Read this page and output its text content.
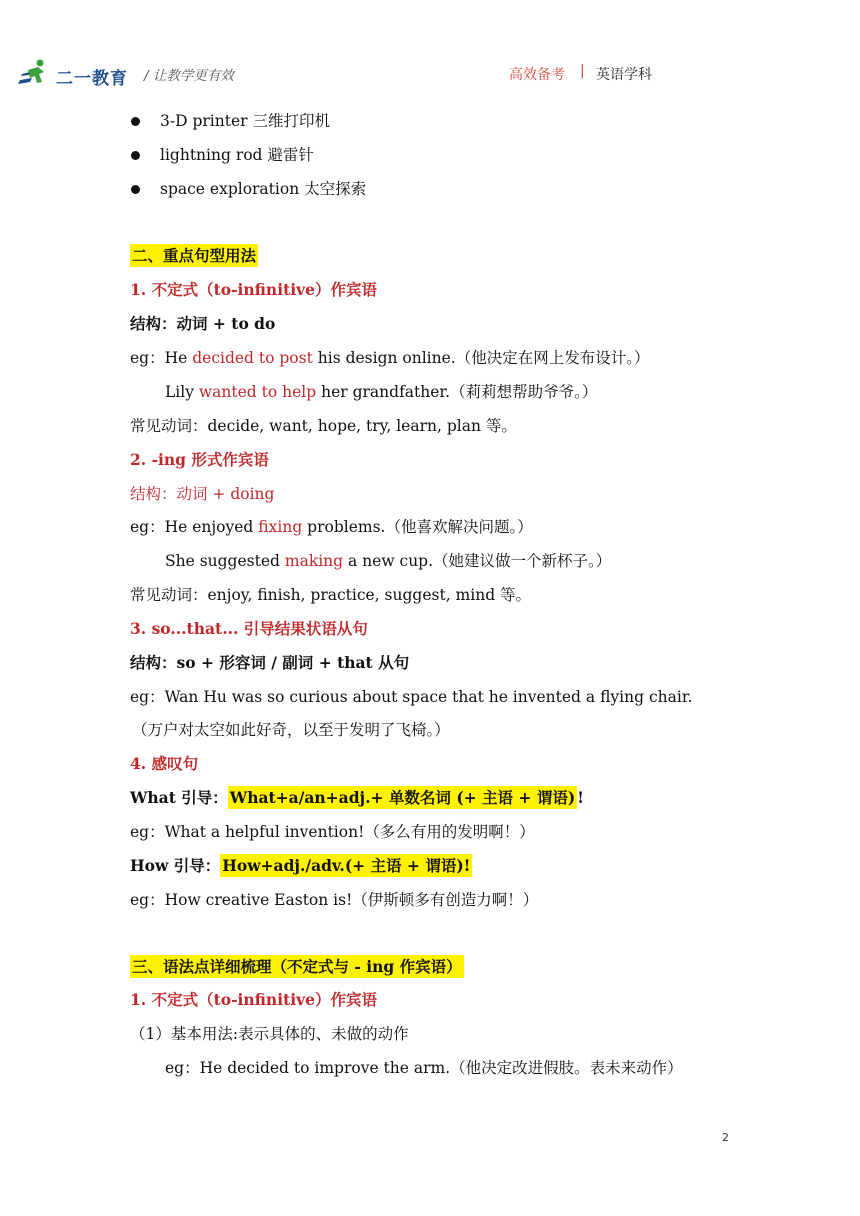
二一教育 / 让教学更有效	高效备考 | 英语学科
3-D printer 三维打印机
lightning rod 避雷针
space exploration 太空探索
二、重点句型用法
1. 不定式（to-infinitive）作宾语
结构：动词 + to do
eg：He decided to post his design online.（他决定在网上发布设计。）
Lily wanted to help her grandfather.（莉莉想帮助爷爷。）
常见动词：decide, want, hope, try, learn, plan 等。
2. -ing 形式作宾语
结构：动词 + doing
eg：He enjoyed fixing problems.（他喜欢解决问题。）
She suggested making a new cup.（她建议做一个新杯子。）
常见动词：enjoy, finish, practice, suggest, mind 等。
3. so...that... 引导结果状语从句
结构：so + 形容词 / 副词 + that 从句
eg：Wan Hu was so curious about space that he invented a flying chair.
（万户对太空如此好奇，以至于发明了飞椅。）
4. 感叹句
What 引导： What+a/an+adj.+ 单数名词 (+ 主语 + 谓语) !
eg：What a helpful invention!（多么有用的发明啊！）
How 引导： How+adj./adv.(+ 主语 + 谓语)!
eg：How creative Easton is!（伊斯顿多有创造力啊！）
三、语法点详细梳理（不定式与 - ing 作宾语）
1. 不定式（to-infinitive）作宾语
（1）基本用法:表示具体的、未做的动作
eg：He decided to improve the arm.（他决定改进假肢。表未来动作）
2
